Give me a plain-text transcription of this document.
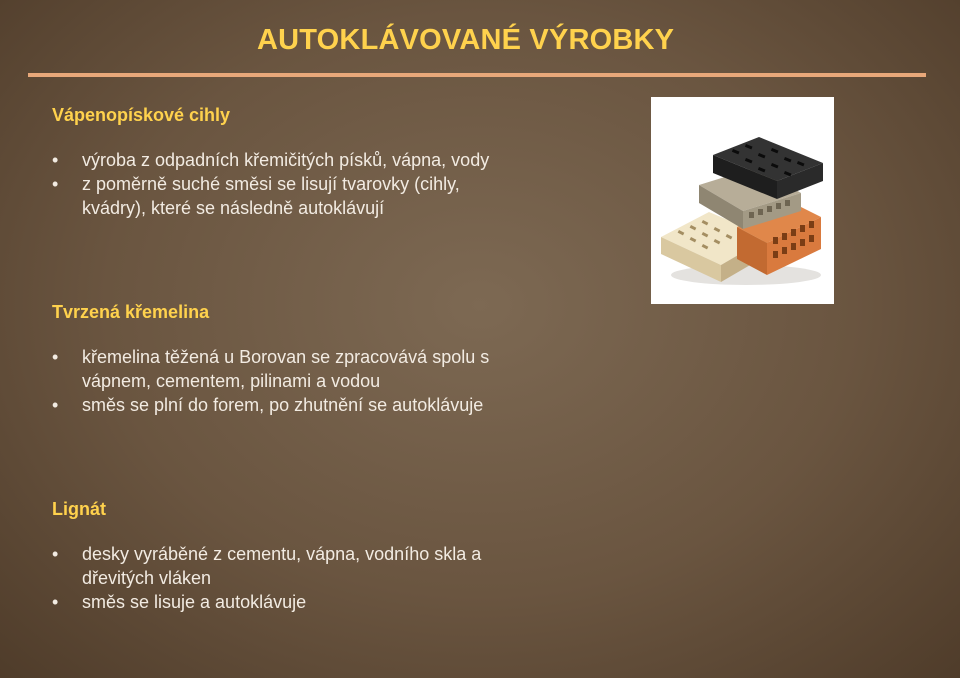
AUTOKLÁVOVANÉ VÝROBKY
Vápenopískové cihly
• výroba z odpadních křemičitých písků, vápna, vody
• z poměrně suché směsi se lisují tvarovky (cihly, kvádry), které se následně autoklávují
Tvrzená křemelina
• křemelina těžená u Borovan se zpracovává spolu s vápnem, cementem, pilinami a vodou
• směs se plní do forem, po zhutnění se autoklávuje
Lignát
• desky vyráběné z cementu, vápna, vodního skla a dřevitých vláken
• směs se lisuje a autoklávuje
